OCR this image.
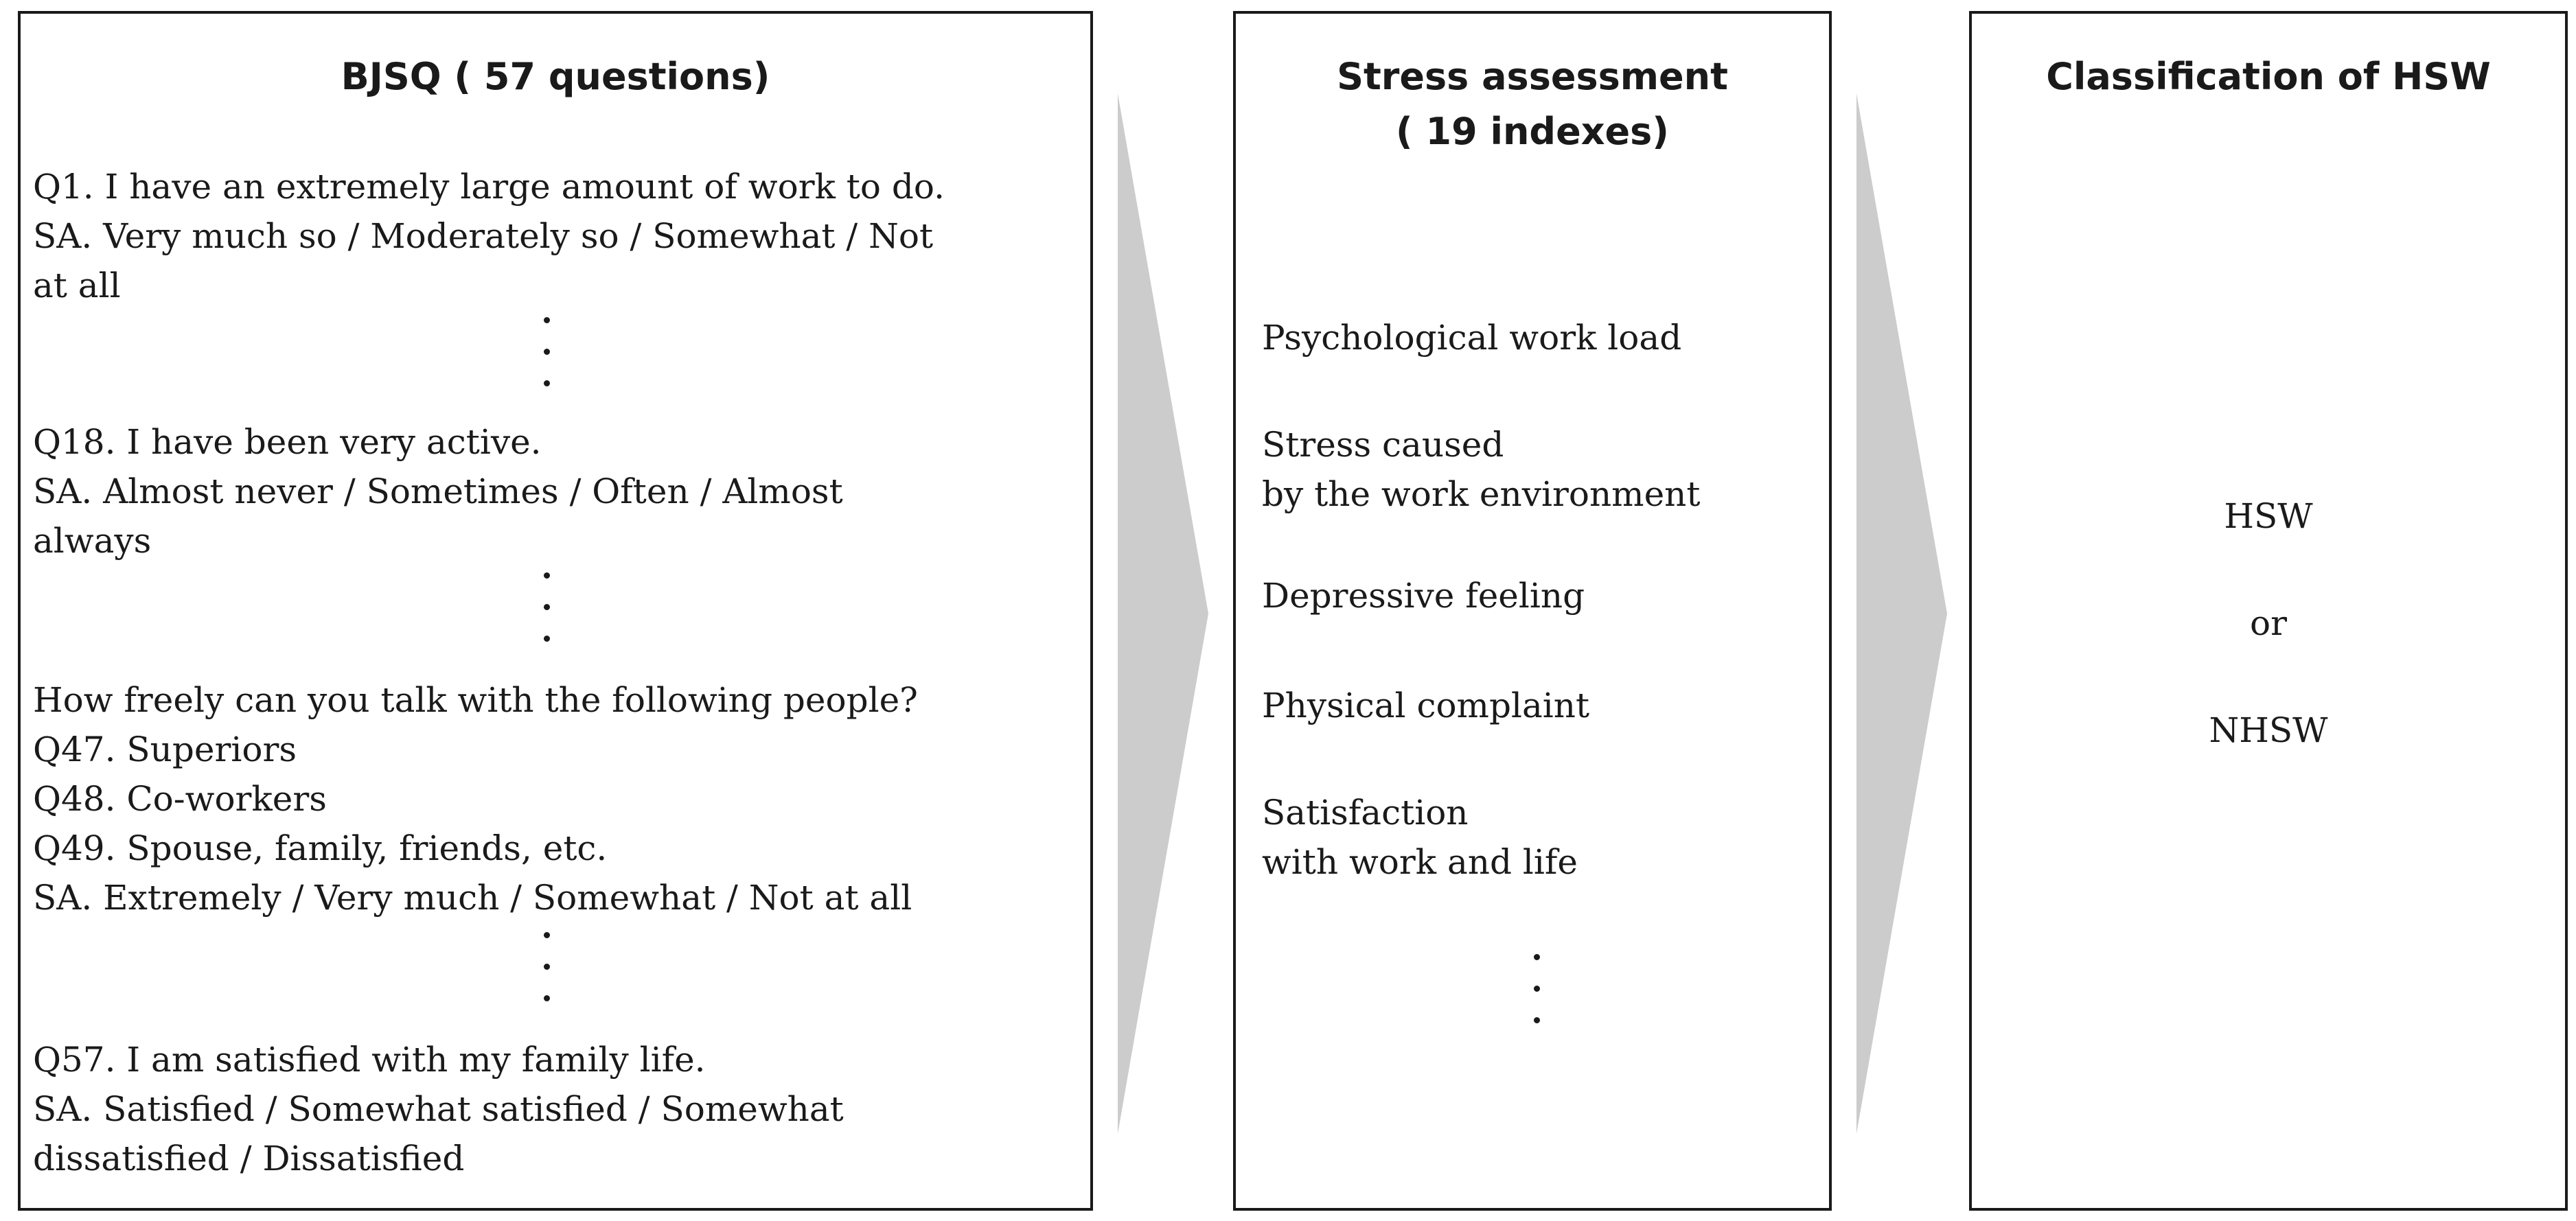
BJSQ ( 57 questions)
Q1. I have an extremely large amount of work to do.
SA. Very much so / Moderately so / Somewhat / Not
at all
Q18. I have been very active.
SA. Almost never / Sometimes / Often / Almost
always
How freely can you talk with the following people?
Q47. Superiors
Q48. Co-workers
Q49. Spouse, family, friends, etc.
SA. Extremely / Very much / Somewhat / Not at all
Q57. I am satisfied with my family life.
SA. Satisfied / Somewhat satisfied / Somewhat
dissatisfied / Dissatisfied
Stress assessment
( 19 indexes)
Psychological work load
Stress caused
by the work environment
Depressive feeling
Physical complaint
Satisfaction
with work and life
Classification of HSW
HSW
or
NHSW
